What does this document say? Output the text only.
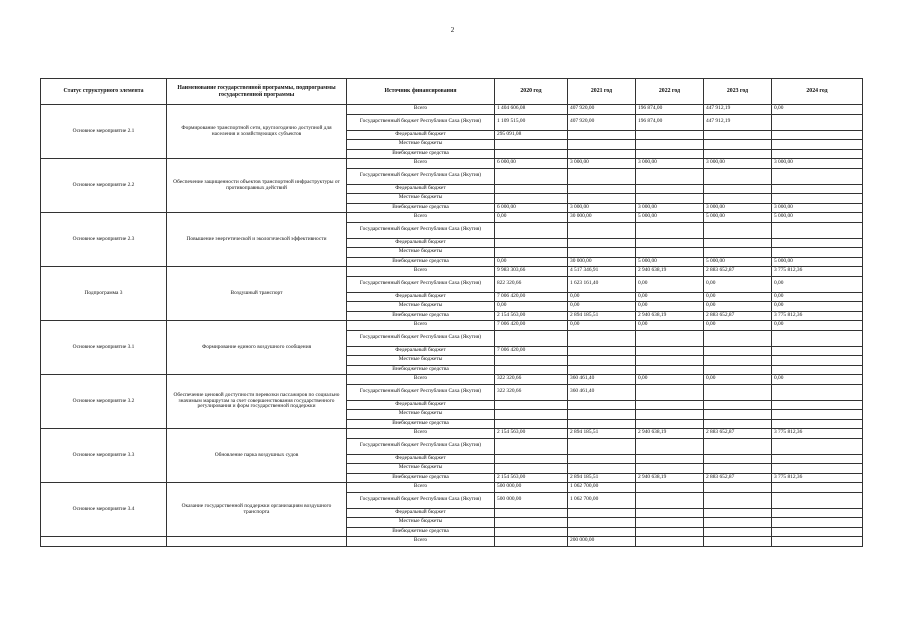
2
Статус структурного элемента	Наименование государственной программы, подпрограммы государственной программы	Источник финансирования	2020 год	2021 год	2022 год	2023 год	2024 год
Основное мероприятие 2.1	Формирование транспортной сети, круглогодично доступной для населения и хозяйствующих субъектов	Всего	1 404 606,08	407 920,00	196 874,00	447 912,19	0,00
		Государственный бюджет Республики Саха (Якутия)	1 109 515,00	407 920,00	196 874,00	447 912,19	
		Федеральный бюджет	295 091,08				
		Местные бюджеты					
		Внебюджетные средства					
Основное мероприятие 2.2	Обеспечение защищенности объектов транспортной инфраструктуры от противоправных действий	Всего	6 000,00	3 000,00	3 000,00	3 000,00	3 000,00
		Государственный бюджет Республики Саха (Якутия)					
		Федеральный бюджет					
		Местные бюджеты					
		Внебюджетные средства	6 000,00	3 000,00	3 000,00	3 000,00	3 000,00
Основное мероприятие 2.3	Повышение энергетической и экологической эффективности	Всего	0,00	30 000,00	5 000,00	5 000,00	5 000,00
		Государственный бюджет Республики Саха (Якутия)					
		Федеральный бюджет					
		Местные бюджеты					
		Внебюджетные средства	0,00	30 000,00	5 000,00	5 000,00	5 000,00
Подпрограмма 3	Воздушный транспорт	Всего	9 983 303,66	4 517 346,91	2 940 638,19	2 883 652,87	3 775 812,36
		Государственный бюджет Республики Саха (Якутия)	822 320,66	1 623 161,40	0,00	0,00	0,00
		Федеральный бюджет	7 006 420,00	0,00	0,00	0,00	0,00
		Местные бюджеты	0,00	0,00	0,00	0,00	0,00
		Внебюджетные средства	2 154 563,00	2 894 185,51	2 940 638,19	2 883 652,87	3 775 812,36
Основное мероприятие 3.1	Формирование единого воздушного сообщения	Всего	7 006 420,00	0,00	0,00	0,00	0,00
		Государственный бюджет Республики Саха (Якутия)					
		Федеральный бюджет	7 006 420,00				
		Местные бюджеты					
		Внебюджетные средства					
Основное мероприятие 3.2	Обеспечение ценовой доступности перевозки пассажиров по социально значимым маршрутам за счет совершенствования государственного регулирования и форм государственной поддержки	Всего	322 320,66	360 461,40	0,00	0,00	0,00
		Государственный бюджет Республики Саха (Якутия)	322 320,66	360 461,40			
		Федеральный бюджет					
		Местные бюджеты					
		Внебюджетные средства					
Основное мероприятие 3.3	Обновление парка воздушных судов	Всего	2 154 563,00	2 894 185,51	2 940 638,19	2 883 652,87	3 775 812,36
		Государственный бюджет Республики Саха (Якутия)					
		Федеральный бюджет					
		Местные бюджеты					
		Внебюджетные средства	2 154 563,00	2 894 185,51	2 940 638,19	2 883 652,87	3 775 812,36
Основное мероприятие 3.4	Оказание государственной поддержки организациям воздушного транспорта	Всего	500 000,00	1 062 700,00			
		Государственный бюджет Республики Саха (Якутия)	500 000,00	1 062 700,00			
		Федеральный бюджет					
		Местные бюджеты					
		Внебюджетные средства					
		Всего		200 000,00			
